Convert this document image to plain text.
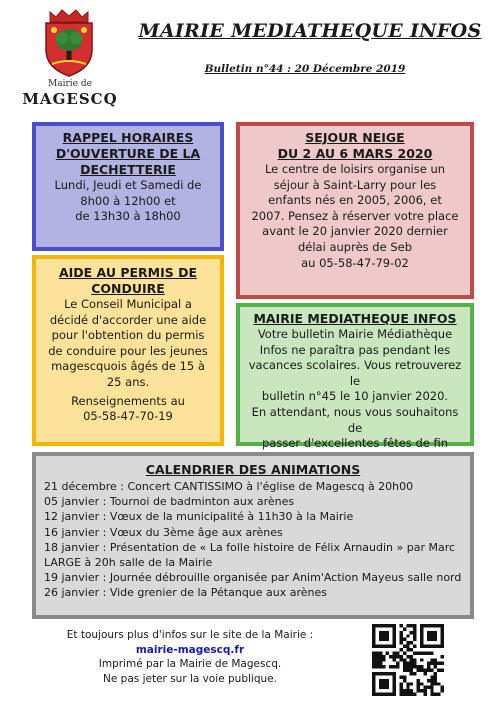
Mairie de
MAGESCQ
MAIRIE MEDIATHEQUE INFOS
Bulletin n°44 : 20 Décembre 2019
RAPPEL HORAIRES
D'OUVERTURE DE LA
DECHETTERIE
Lundi, Jeudi et Samedi de
8h00 à 12h00 et
de 13h30 à 18h00
SEJOUR NEIGE
DU 2 AU 6 MARS 2020
Le centre de loisirs organise un
séjour à Saint-Larry pour les
enfants nés en 2005, 2006, et
2007. Pensez à réserver votre place
avant le 20 janvier 2020 dernier
délai auprès de Seb
au 05-58-47-79-02
AIDE AU PERMIS DE
CONDUIRE
Le Conseil Municipal a
décidé d'accorder une aide
pour l'obtention du permis
de conduire pour les jeunes
magescquois âgés de 15 à
25 ans.
Renseignements au
05-58-47-70-19
MAIRIE MEDIATHEQUE INFOS
Votre bulletin Mairie Médiathèque
Infos ne paraîtra pas pendant les
vacances scolaires. Vous retrouverez le
bulletin n°45 le 10 janvier 2020.
En attendant, nous vous souhaitons de
passer d'excellentes fêtes de fin
CALENDRIER DES ANIMATIONS
21 décembre : Concert CANTISSIMO à l'église de Magescq à 20h00
05 janvier : Tournoi de badminton aux arènes
12 janvier : Vœux de la municipalité à 11h30 à la Mairie
16 janvier : Vœux du 3ème âge aux arènes
18 janvier : Présentation de « La folle histoire de Félix Arnaudin » par Marc LARGE à 20h salle de la Mairie
19 janvier : Journée débrouille organisée par Anim'Action Mayeus salle nord
26 janvier : Vide grenier de la Pétanque aux arènes
Et toujours plus d'infos sur le site de la Mairie :
mairie-magescq.fr
Imprimé par la Mairie de Magescq.
Ne pas jeter sur la voie publique.
